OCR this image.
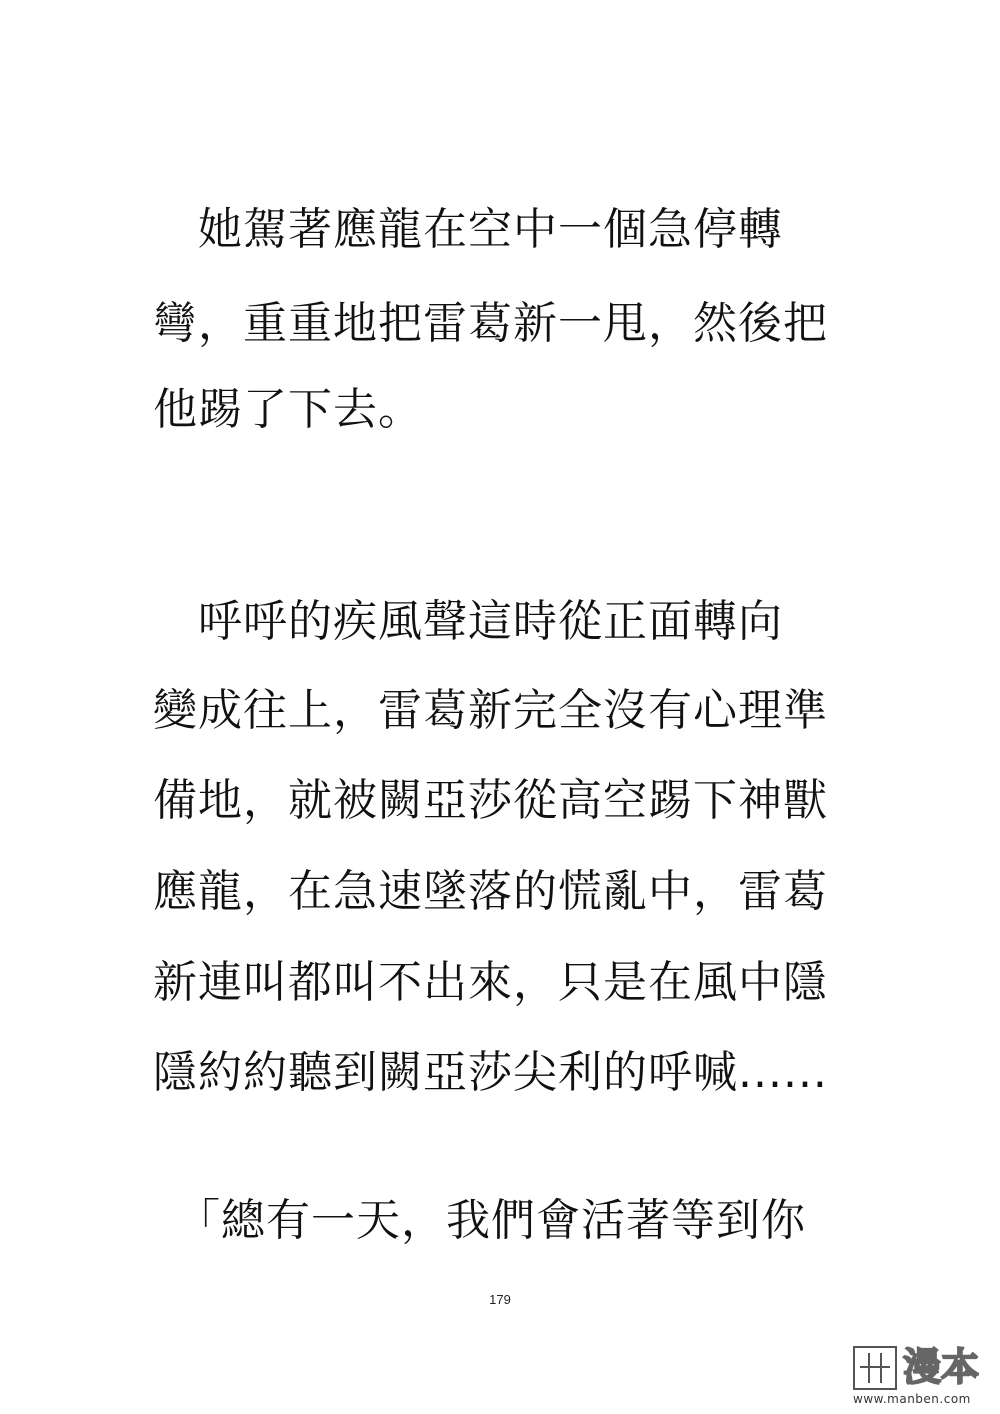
　她駕著應龍在空中一個急停轉
彎，重重地把雷葛新一甩，然後把
他踢了下去。
　呼呼的疾風聲這時從正面轉向
變成往上，雷葛新完全沒有心理準
備地，就被闕亞莎從高空踢下神獸
應龍，在急速墜落的慌亂中，雷葛
新連叫都叫不出來，只是在風中隱
隱約約聽到闕亞莎尖利的呼喊......
　「總有一天，我們會活著等到你
179
漫本
www.manben.com
